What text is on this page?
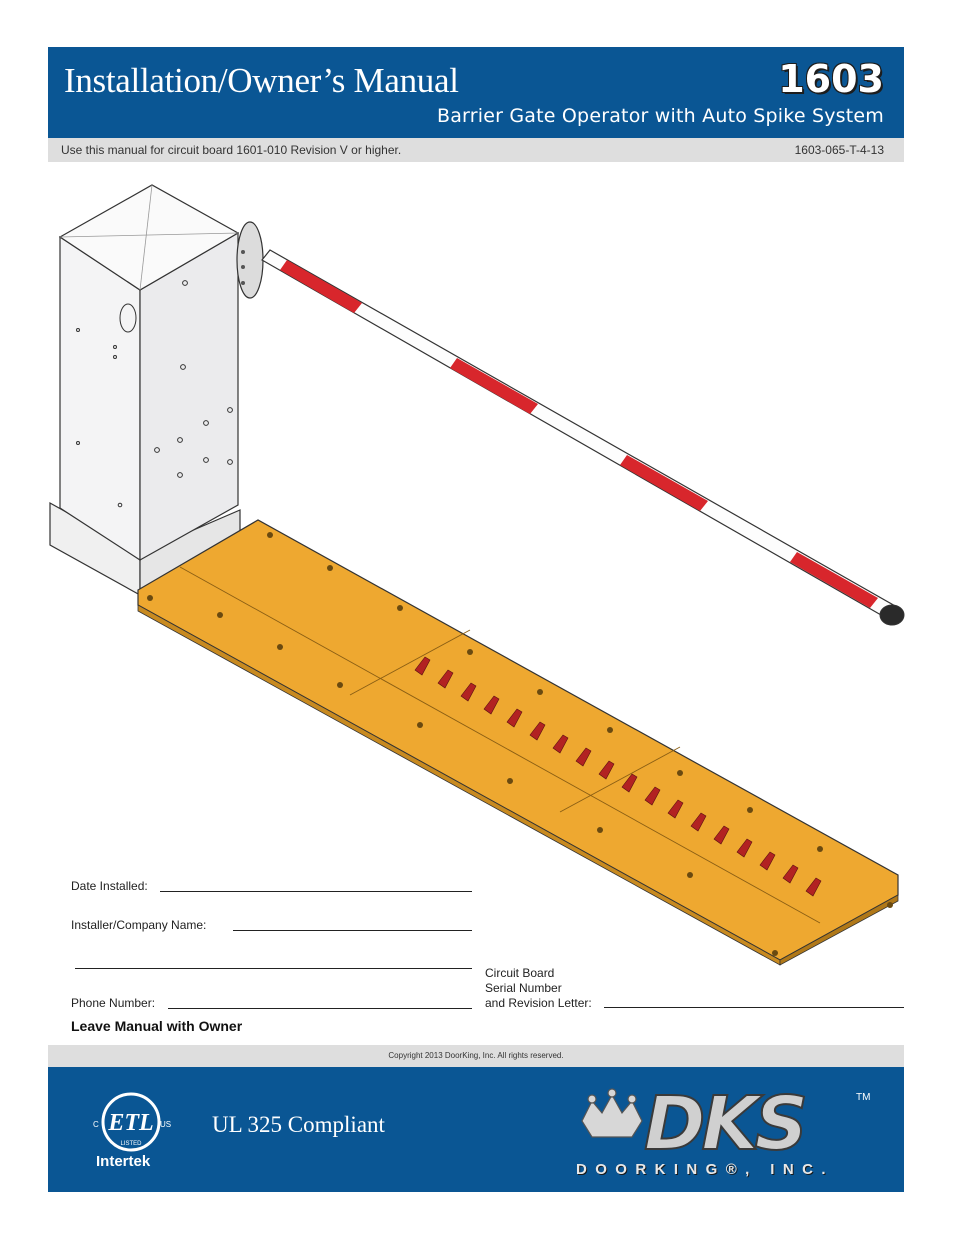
Installation/Owner’s Manual	1603
Barrier Gate Operator with Auto Spike System
Use this manual for circuit board 1601-010 Revision V or higher.	1603-065-T-4-13
Date Installed:
Installer/Company Name:
Phone Number:
Circuit Board
Serial Number
and Revision Letter:
Leave Manual with Owner
Copyright 2013 DoorKing, Inc. All rights reserved.
ETL
C	US
LISTED
Intertek
UL 325 Compliant	DKS	TM
DOORKING®, INC.
